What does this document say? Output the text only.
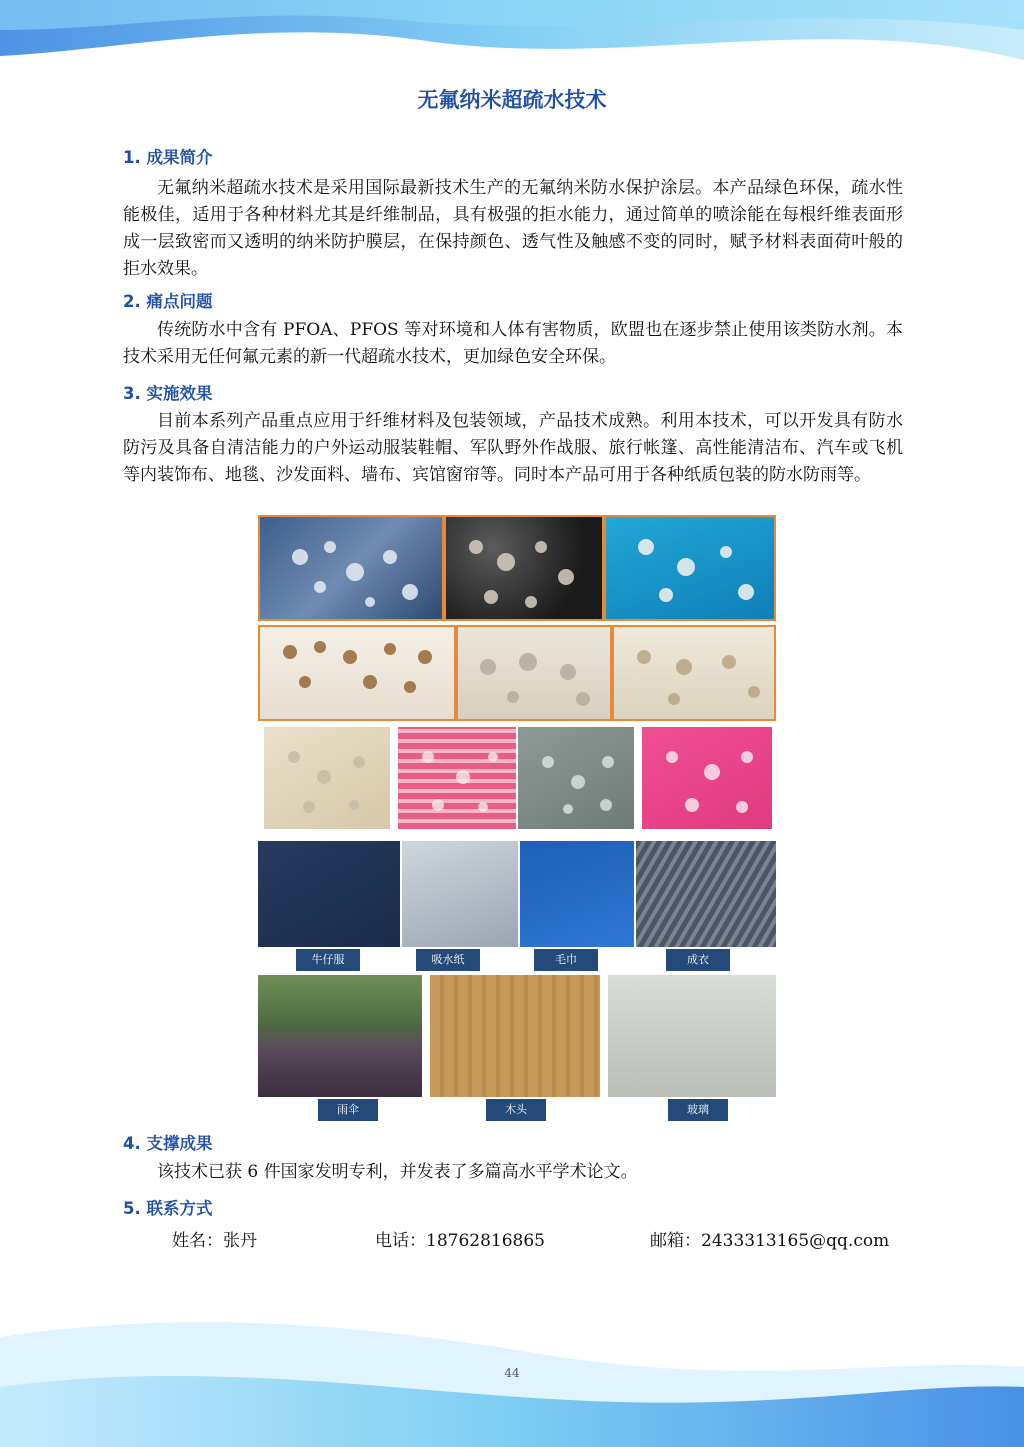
无氟纳米超疏水技术
1. 成果简介
无氟纳米超疏水技术是采用国际最新技术生产的无氟纳米防水保护涂层。本产品绿色环保，疏水性能极佳，适用于各种材料尤其是纤维制品，具有极强的拒水能力，通过简单的喷涂能在每根纤维表面形成一层致密而又透明的纳米防护膜层，在保持颜色、透气性及触感不变的同时，赋予材料表面荷叶般的拒水效果。
2. 痛点问题
传统防水中含有 PFOA、PFOS 等对环境和人体有害物质，欧盟也在逐步禁止使用该类防水剂。本技术采用无任何氟元素的新一代超疏水技术，更加绿色安全环保。
3. 实施效果
目前本系列产品重点应用于纤维材料及包装领域，产品技术成熟。利用本技术，可以开发具有防水防污及具备自清洁能力的户外运动服装鞋帽、军队野外作战服、旅行帐篷、高性能清洁布、汽车或飞机等内装饰布、地毯、沙发面料、墙布、宾馆窗帘等。同时本产品可用于各种纸质包装的防水防雨等。
牛仔服	吸水纸	毛巾	成衣
雨伞	木头	玻璃
4. 支撑成果
该技术已获 6 件国家发明专利，并发表了多篇高水平学术论文。
5. 联系方式
姓名：张丹	电话：18762816865	邮箱：2433313165@qq.com
44
